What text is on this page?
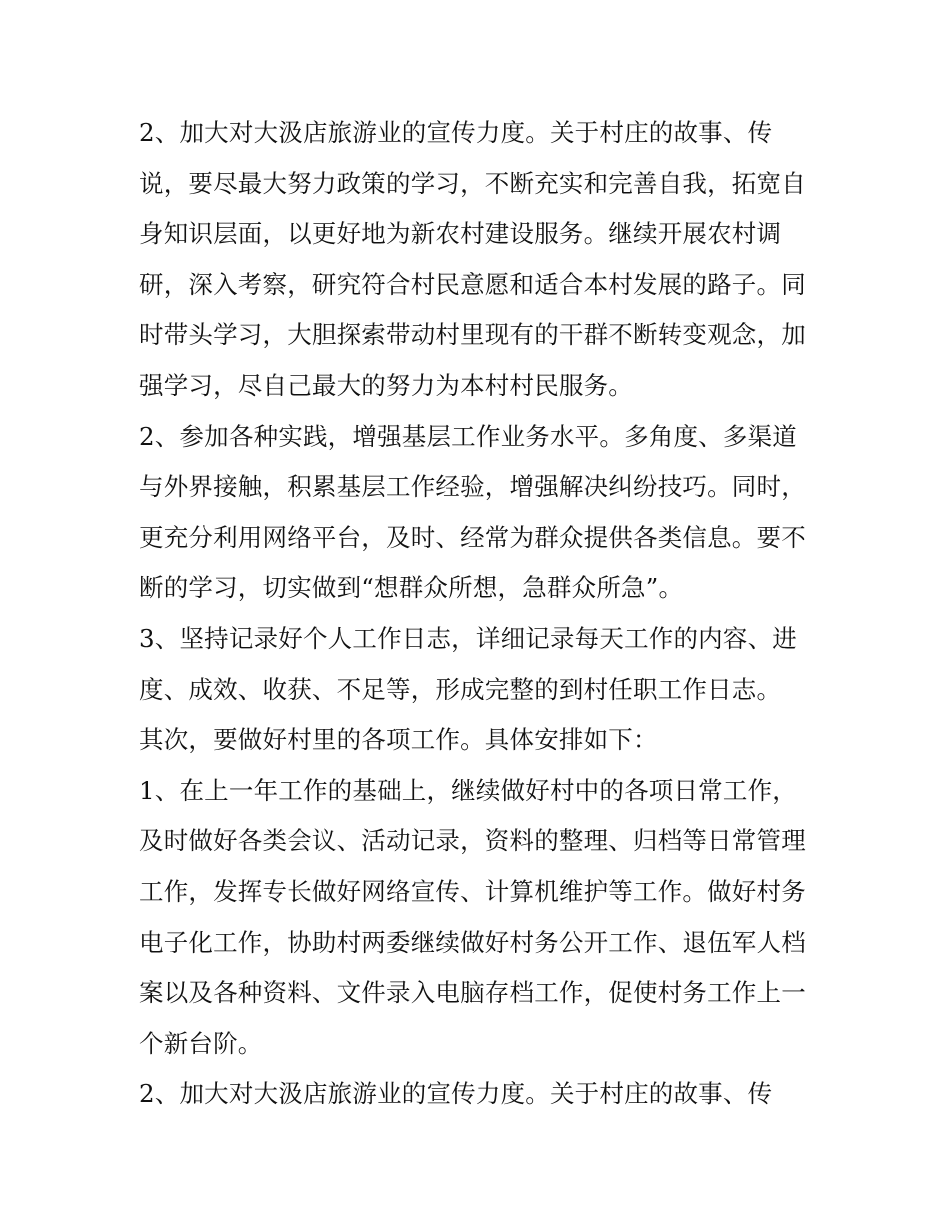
2、加大对大汲店旅游业的宣传力度。关于村庄的故事、传
说，要尽最大努力政策的学习，不断充实和完善自我，拓宽自
身知识层面，以更好地为新农村建设服务。继续开展农村调
研，深入考察，研究符合村民意愿和适合本村发展的路子。同
时带头学习，大胆探索带动村里现有的干群不断转变观念，加
强学习，尽自己最大的努力为本村村民服务。
2、参加各种实践，增强基层工作业务水平。多角度、多渠道
与外界接触，积累基层工作经验，增强解决纠纷技巧。同时，
更充分利用网络平台，及时、经常为群众提供各类信息。要不
断的学习，切实做到“想群众所想，急群众所急”。
3、坚持记录好个人工作日志，详细记录每天工作的内容、进
度、成效、收获、不足等，形成完整的到村任职工作日志。
其次，要做好村里的各项工作。具体安排如下：
1、在上一年工作的基础上，继续做好村中的各项日常工作，
及时做好各类会议、活动记录，资料的整理、归档等日常管理
工作，发挥专长做好网络宣传、计算机维护等工作。做好村务
电子化工作，协助村两委继续做好村务公开工作、退伍军人档
案以及各种资料、文件录入电脑存档工作，促使村务工作上一
个新台阶。
2、加大对大汲店旅游业的宣传力度。关于村庄的故事、传
